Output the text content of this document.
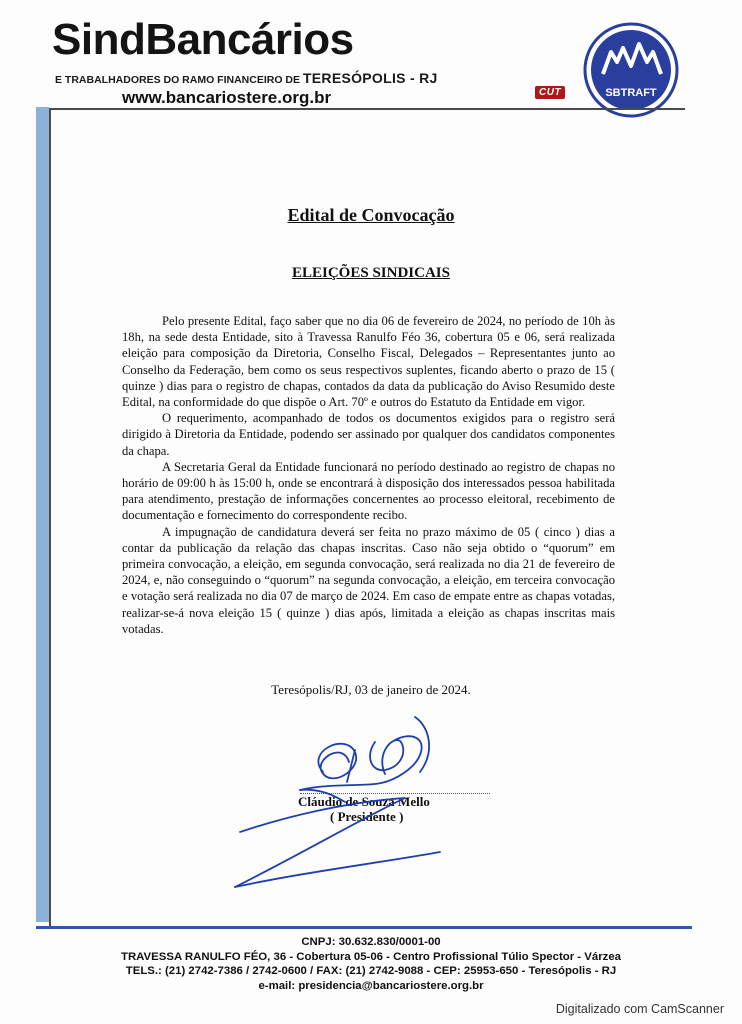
SindBancários
E TRABALHADORES DO RAMO FINANCEIRO DE TERESÓPOLIS - RJ
www.bancariostere.org.br	CUT	SBTRAFT
Edital de Convocação
ELEIÇÕES SINDICAIS

Pelo presente Edital, faço saber que no dia 06 de fevereiro de 2024, no período de 10h às 18h, na sede desta Entidade, sito à Travessa Ranulfo Féo 36, cobertura 05 e 06, será realizada eleição para composição da Diretoria, Conselho Fiscal, Delegados – Representantes junto ao Conselho da Federação, bem como os seus respectivos suplentes, ficando aberto o prazo de 15 ( quinze ) dias para o registro de chapas, contados da data da publicação do Aviso Resumido deste Edital, na conformidade do que dispõe o Art. 70º e outros do Estatuto da Entidade em vigor.

O requerimento, acompanhado de todos os documentos exigidos para o registro será dirigido à Diretoria da Entidade, podendo ser assinado por qualquer dos candidatos componentes da chapa.

A Secretaria Geral da Entidade funcionará no período destinado ao registro de chapas no horário de 09:00 h às 15:00 h, onde se encontrará à disposição dos interessados pessoa habilitada para atendimento, prestação de informações concernentes ao processo eleitoral, recebimento de documentação e fornecimento do correspondente recibo.

A impugnação de candidatura deverá ser feita no prazo máximo de 05 ( cinco ) dias a contar da publicação da relação das chapas inscritas. Caso não seja obtido o “quorum” em primeira convocação, a eleição, em segunda convocação, será realizada no dia 21 de fevereiro de 2024, e, não conseguindo o “quorum” na segunda convocação, a eleição, em terceira convocação e votação será realizada no dia 07 de março de 2024. Em caso de empate entre as chapas votadas, realizar-se-á nova eleição 15 ( quinze ) dias após, limitada a eleição as chapas inscritas mais votadas.

Teresópolis/RJ, 03 de janeiro de 2024.
Cláudio de Souza Mello
( Presidente )
CNPJ: 30.632.830/0001-00
TRAVESSA RANULFO FÉO, 36 - Cobertura 05-06 - Centro Profissional Túlio Spector - Várzea
TELS.: (21) 2742-7386 / 2742-0600 / FAX: (21) 2742-9088 - CEP: 25953-650 - Teresópolis - RJ
e-mail: presidencia@bancariostere.org.br
Digitalizado com CamScanner
